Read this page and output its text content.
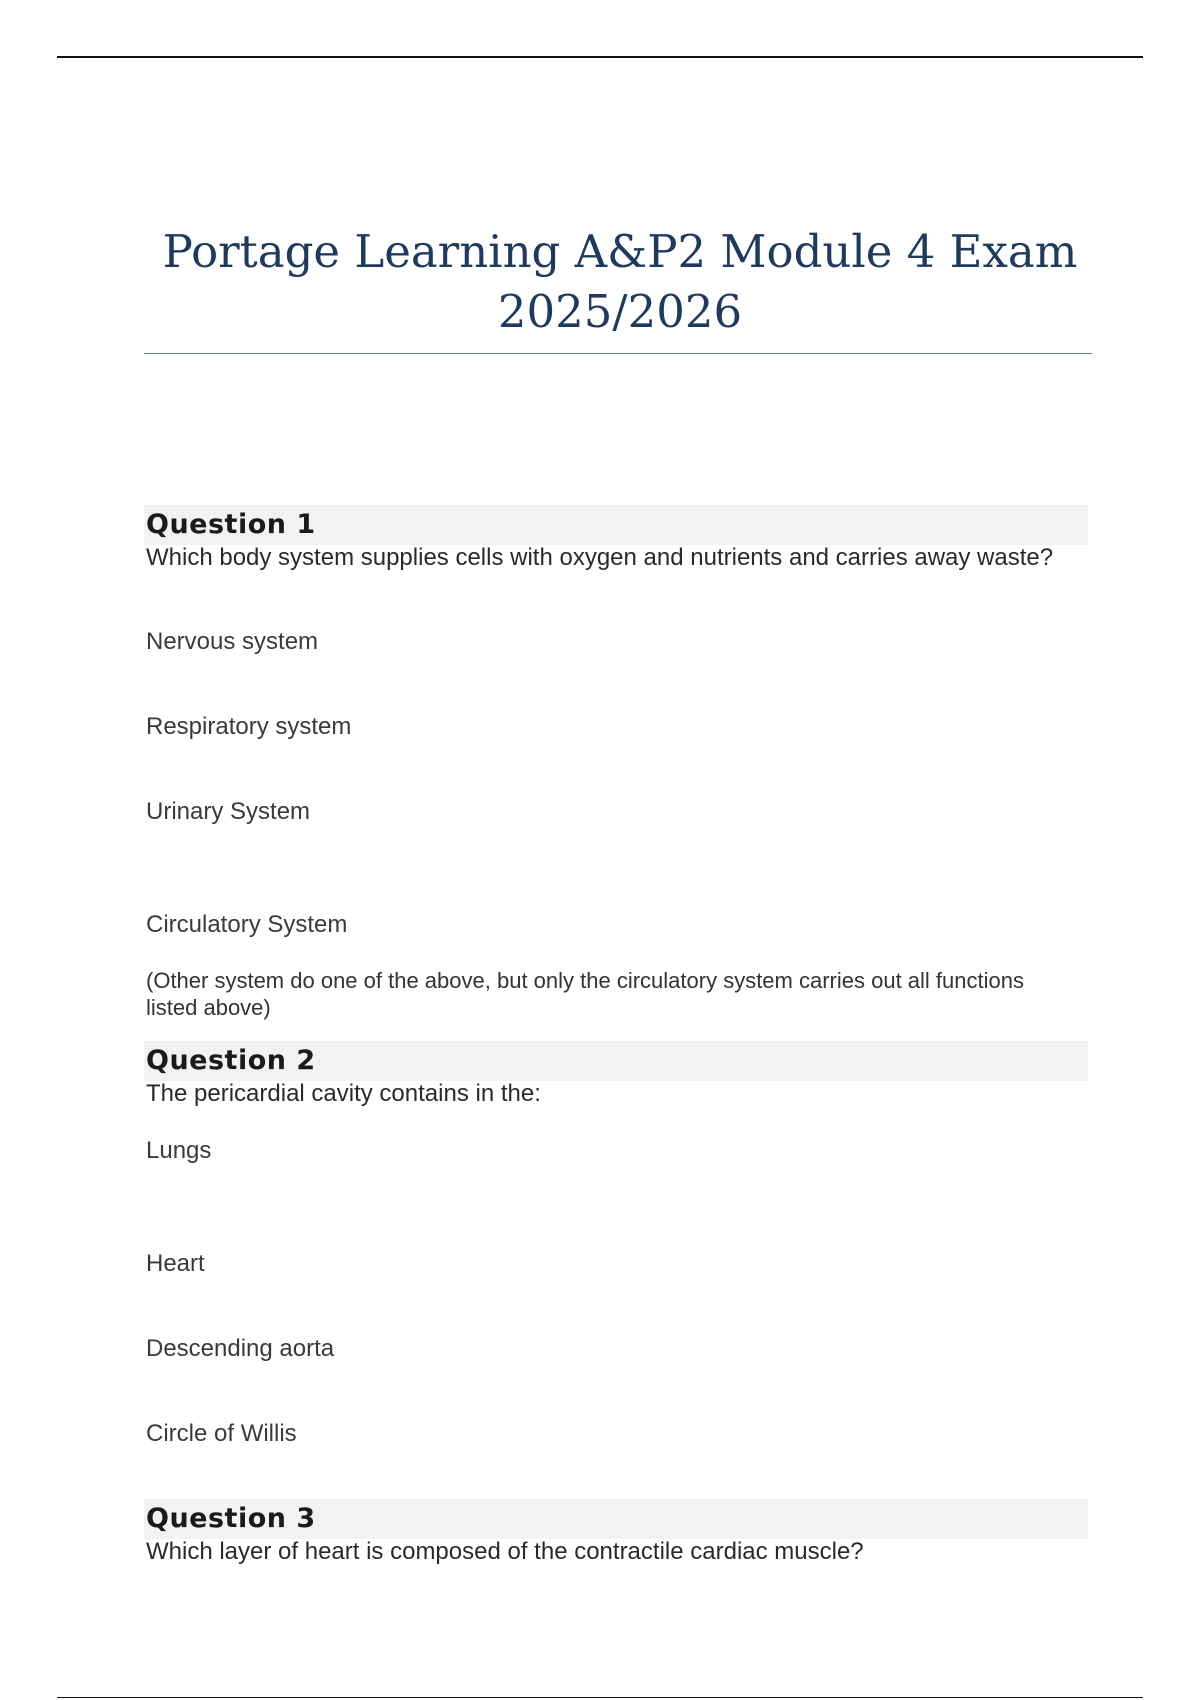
Portage Learning A&P2 Module 4 Exam
2025/2026
Question 1
Which body system supplies cells with oxygen and nutrients and carries away waste?
Nervous system
Respiratory system
Urinary System
Circulatory System
(Other system do one of the above, but only the circulatory system carries out all functions listed above)
Question 2
The pericardial cavity contains in the:
Lungs
Heart
Descending aorta
Circle of Willis
Question 3
Which layer of heart is composed of the contractile cardiac muscle?
